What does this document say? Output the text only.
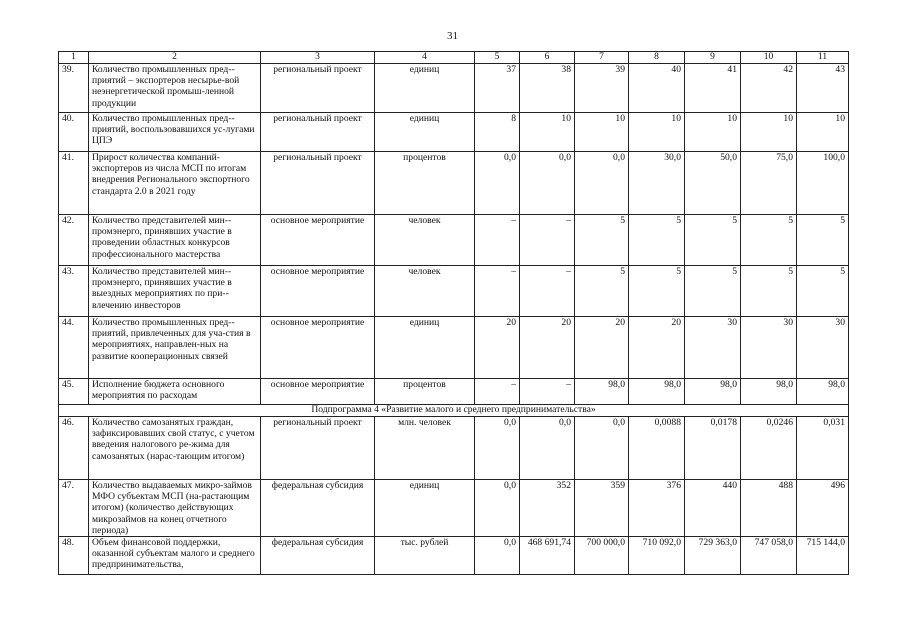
31
1	2	3	4	5	6	7	8	9	10	11
39.	Количество промышленных пред-приятий – экспортеров несырье-вой неэнергетической промыш-ленной продукции	региональный проект	единиц	37	38	39	40	41	42	43
40.	Количество промышленных пред-приятий, воспользовавшихся ус-лугами ЦПЭ	региональный проект	единиц	8	10	10	10	10	10	10
41.	Прирост количества компаний-экспортеров из числа МСП по итогам внедрения Регионального экспортного стандарта 2.0 в 2021 году	региональный проект	процентов	0,0	0,0	0,0	30,0	50,0	75,0	100,0
42.	Количество представителей мин-промэнерго, принявших участие в проведении областных конкурсов профессионального мастерства	основное мероприятие	человек	–	–	5	5	5	5	5
43.	Количество представителей мин-промэнерго, принявших участие в выездных мероприятиях по при-влечению инвесторов	основное мероприятие	человек	–	–	5	5	5	5	5
44.	Количество промышленных пред-приятий, привлеченных для уча-стия в мероприятиях, направлен-ных на развитие кооперационных связей	основное мероприятие	единиц	20	20	20	20	30	30	30
45.	Исполнение бюджета основного мероприятия по расходам	основное мероприятие	процентов	–	–	98,0	98,0	98,0	98,0	98,0
Подпрограмма 4 «Развитие малого и среднего предпринимательства»										
46.	Количество самозанятых граждан, зафиксировавших свой статус, с учетом введения налогового ре-жима для самозанятых (нарас-тающим итогом)	региональный проект	млн. человек	0,0	0,0	0,0	0,0088	0,0178	0,0246	0,031
47.	Количество выдаваемых микро-займов МФО субъектам МСП (на-растающим итогом) (количество действующих микрозаймов на конец отчетного периода)	федеральная субсидия	единиц	0,0	352	359	376	440	488	496
48.	Объем финансовой поддержки, оказанной субъектам малого и среднего предпринимательства,	федеральная субсидия	тыс. рублей	0,0	468 691,74	700 000,0	710 092,0	729 363,0	747 058,0	715 144,0
